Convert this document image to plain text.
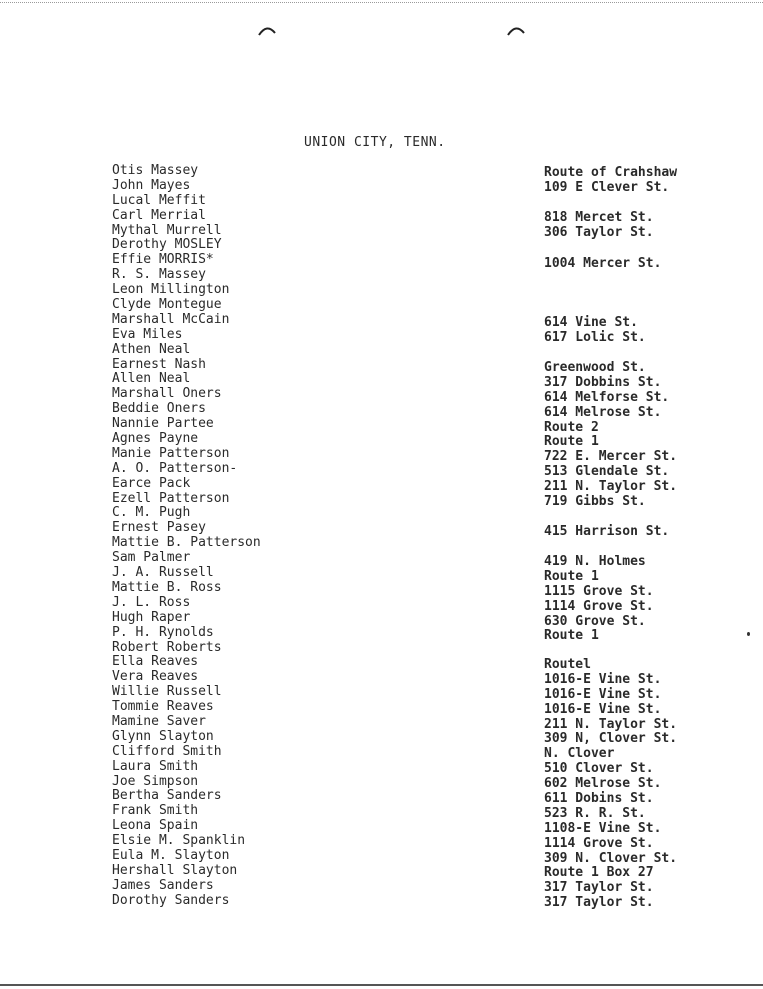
UNION CITY, TENN.
Otis Massey
John Mayes
Lucal Meffit
Carl Merrial
Mythal Murrell
Derothy MOSLEY
Effie MORRIS*
R. S. Massey
Leon Millington
Clyde Montegue
Marshall McCain
Eva Miles
Athen Neal
Earnest Nash
Allen Neal
Marshall Oners
Beddie Oners
Nannie Partee
Agnes Payne
Manie Patterson
A. O. Patterson-
Earce Pack
Ezell Patterson
C. M. Pugh
Ernest Pasey
Mattie B. Patterson
Sam Palmer
J. A. Russell
Mattie B. Ross
J. L. Ross
Hugh Raper
P. H. Rynolds
Robert Roberts
Ella Reaves
Vera Reaves
Willie Russell
Tommie Reaves
Mamine Saver
Glynn Slayton
Clifford Smith
Laura Smith
Joe Simpson
Bertha Sanders
Frank Smith
Leona Spain
Elsie M. Spanklin
Eula M. Slayton
Hershall Slayton
James Sanders
Dorothy Sanders
Route of Crahshaw
109 E Clever St.
818 Mercet St.
306 Taylor St.
1004 Mercer St.
614 Vine St.
617 Lolic St.
Greenwood St.
317 Dobbins St.
614 Melforse St.
614 Melrose St.
Route 2
Route 1
722 E. Mercer St.
513 Glendale St.
211 N. Taylor St.
719 Gibbs St.
415 Harrison St.
419 N. Holmes
Route 1
1115 Grove St.
1114 Grove St.
630 Grove St.
Route 1
Routel
1016-E Vine St.
1016-E Vine St.
1016-E Vine St.
211 N. Taylor St.
309 N, Clover St.
N. Clover
510 Clover St.
602 Melrose St.
611 Dobins St.
523 R. R. St.
1108-E Vine St.
1114 Grove St.
309 N. Clover St.
Route 1 Box 27
317 Taylor St.
317 Taylor St.
